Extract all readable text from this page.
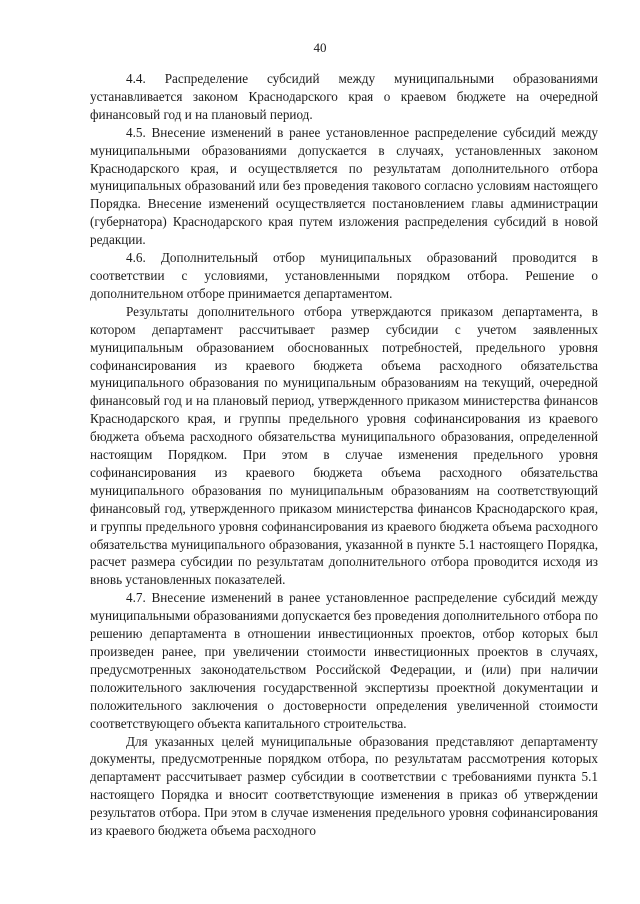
40

4.4. Распределение субсидий между муниципальными образованиями устанавливается законом Краснодарского края о краевом бюджете на очередной финансовый год и на плановый период.

4.5. Внесение изменений в ранее установленное распределение субсидий между муниципальными образованиями допускается в случаях, установленных законом Краснодарского края, и осуществляется по результатам дополнительного отбора муниципальных образований или без проведения такового согласно условиям настоящего Порядка. Внесение изменений осуществляется постановлением главы администрации (губернатора) Краснодарского края путем изложения распределения субсидий в новой редакции.

4.6. Дополнительный отбор муниципальных образований проводится в соответствии с условиями, установленными порядком отбора. Решение о дополнительном отборе принимается департаментом.

Результаты дополнительного отбора утверждаются приказом департамента, в котором департамент рассчитывает размер субсидии с учетом заявленных муниципальным образованием обоснованных потребностей, предельного уровня софинансирования из краевого бюджета объема расходного обязательства муниципального образования по муниципальным образованиям на текущий, очередной финансовый год и на плановый период, утвержденного приказом министерства финансов Краснодарского края, и группы предельного уровня софинансирования из краевого бюджета объема расходного обязательства муниципального образования, определенной настоящим Порядком. При этом в случае изменения предельного уровня софинансирования из краевого бюджета объема расходного обязательства муниципального образования по муниципальным образованиям на соответствующий финансовый год, утвержденного приказом министерства финансов Краснодарского края, и группы предельного уровня софинансирования из краевого бюджета объема расходного обязательства муниципального образования, указанной в пункте 5.1 настоящего Порядка, расчет размера субсидии по результатам дополнительного отбора проводится исходя из вновь установленных показателей.

4.7. Внесение изменений в ранее установленное распределение субсидий между муниципальными образованиями допускается без проведения дополнительного отбора по решению департамента в отношении инвестиционных проектов, отбор которых был произведен ранее, при увеличении стоимости инвестиционных проектов в случаях, предусмотренных законодательством Российской Федерации, и (или) при наличии положительного заключения государственной экспертизы проектной документации и положительного заключения о достоверности определения увеличенной стоимости соответствующего объекта капитального строительства.

Для указанных целей муниципальные образования представляют департаменту документы, предусмотренные порядком отбора, по результатам рассмотрения которых департамент рассчитывает размер субсидии в соответствии с требованиями пункта 5.1 настоящего Порядка и вносит соответствующие изменения в приказ об утверждении результатов отбора. При этом в случае изменения предельного уровня софинансирования из краевого бюджета объема расходного
